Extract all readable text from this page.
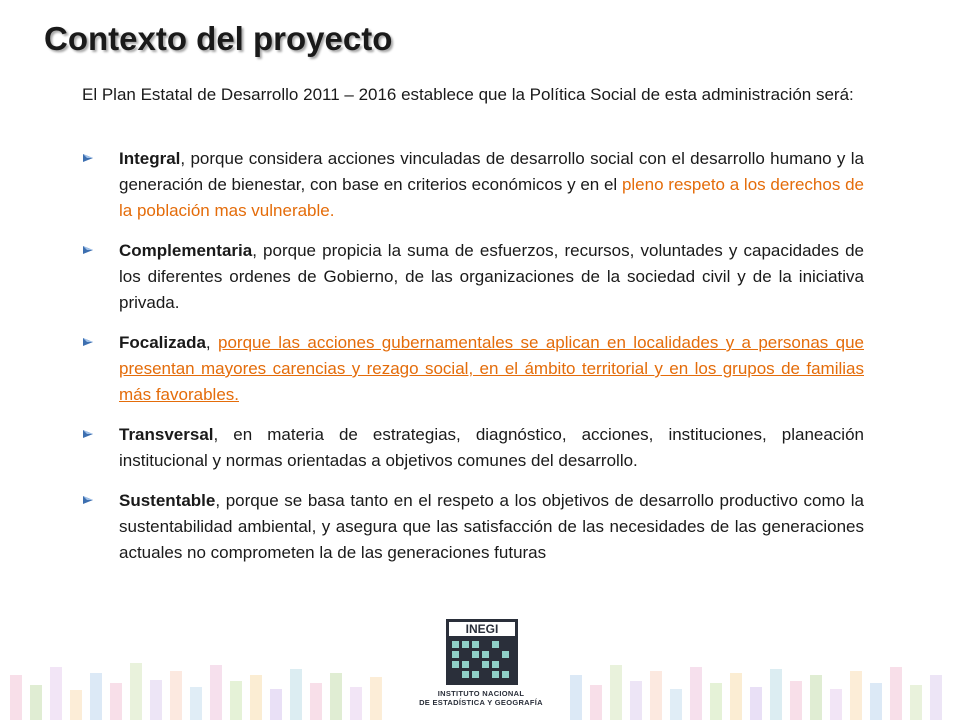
Contexto del proyecto

El Plan Estatal de Desarrollo 2011 – 2016 establece que la Política Social de esta administración será:

Integral, porque considera acciones vinculadas de desarrollo social con el desarrollo humano y la generación de bienestar, con base en criterios económicos y en el pleno respeto a los derechos de la población mas vulnerable.
Complementaria, porque propicia la suma de esfuerzos, recursos, voluntades y capacidades de los diferentes ordenes de Gobierno, de las organizaciones de la sociedad civil y de la iniciativa privada.
Focalizada, porque las acciones gubernamentales se aplican en localidades y a personas que presentan mayores carencias y rezago social, en el ámbito territorial y en los grupos de familias más favorables.
Transversal, en materia de estrategias, diagnóstico, acciones, instituciones, planeación institucional y normas orientadas a objetivos comunes del desarrollo.
Sustentable, porque se basa tanto en el respeto a los objetivos de desarrollo productivo como la sustentabilidad ambiental, y asegura que las satisfacción de las necesidades de las generaciones actuales no comprometen la de las generaciones futuras
INEGI
INSTITUTO NACIONAL
DE ESTADÍSTICA Y GEOGRAFÍA
